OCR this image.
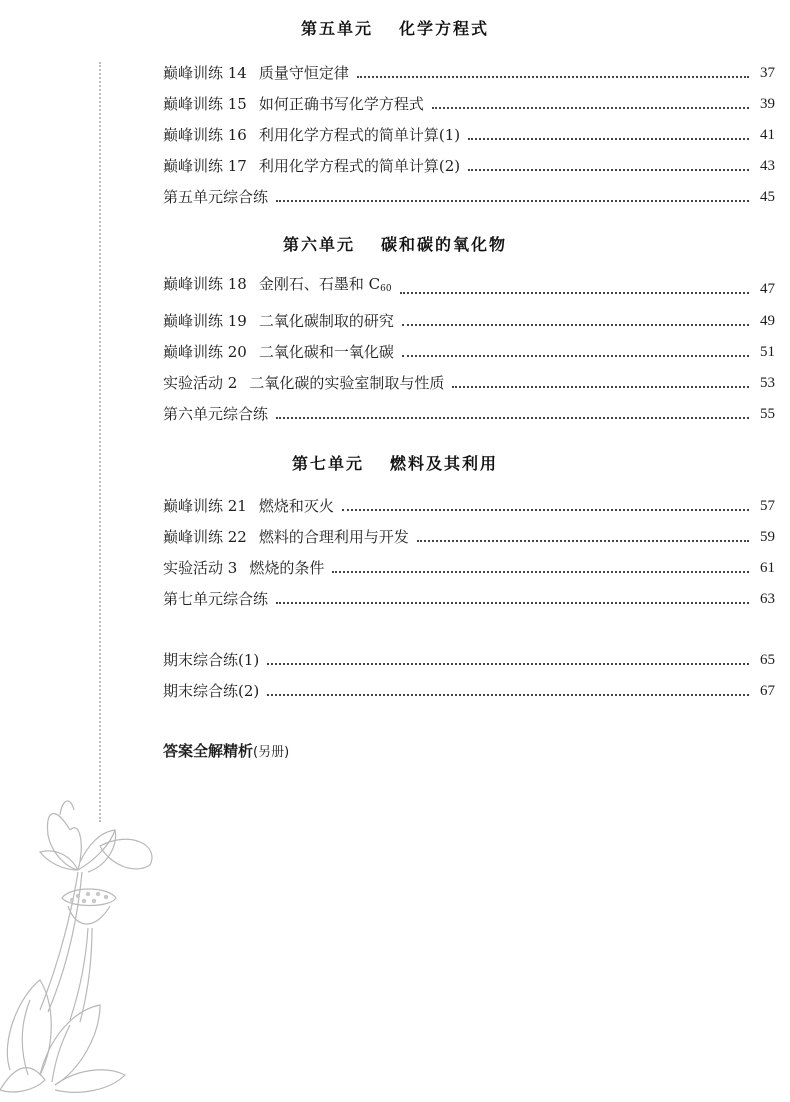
第五单元 化学方程式
巅峰训练 14 质量守恒定律	37
巅峰训练 15 如何正确书写化学方程式	39
巅峰训练 16 利用化学方程式的简单计算(1)	41
巅峰训练 17 利用化学方程式的简单计算(2)	43
第五单元综合练	45
第六单元 碳和碳的氧化物
巅峰训练 18 金刚石、石墨和 $C_{60}$	47
巅峰训练 19 二氧化碳制取的研究	49
巅峰训练 20 二氧化碳和一氧化碳	51
实验活动 2 二氧化碳的实验室制取与性质	53
第六单元综合练	55
第七单元 燃料及其利用
巅峰训练 21 燃烧和灭火	57
巅峰训练 22 燃料的合理利用与开发	59
实验活动 3 燃烧的条件	61
第七单元综合练	63
期末综合练(1)	65
期末综合练(2)	67
答案全解精析(另册)
